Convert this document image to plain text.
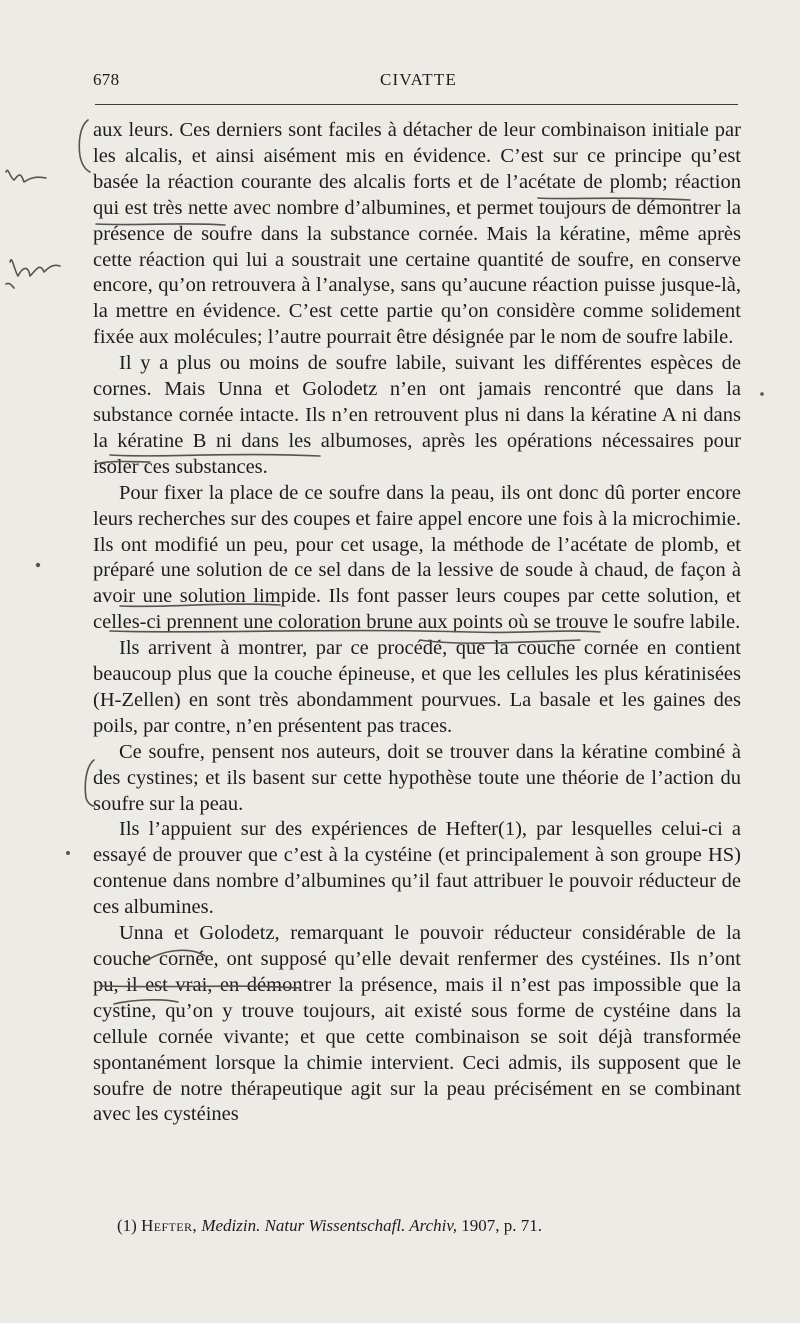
678	CIVATTE

aux leurs. Ces derniers sont faciles à détacher de leur combinaison initiale par les alcalis, et ainsi aisément mis en évidence. C’est sur ce principe qu’est basée la réaction courante des alcalis forts et de l’acétate de plomb; réaction qui est très nette avec nombre d’albumines, et permet toujours de démontrer la présence de soufre dans la substance cornée. Mais la kératine, même après cette réaction qui lui a soustrait une certaine quantité de soufre, en conserve encore, qu’on retrouvera à l’analyse, sans qu’aucune réaction puisse jusque-là, la mettre en évidence. C’est cette partie qu’on considère comme solidement fixée aux molécules; l’autre pourrait être désignée par le nom de soufre labile.

Il y a plus ou moins de soufre labile, suivant les différentes espèces de cornes. Mais Unna et Golodetz n’en ont jamais rencontré que dans la substance cornée intacte. Ils n’en retrouvent plus ni dans la kératine A ni dans la kératine B ni dans les albumoses, après les opérations nécessaires pour isoler ces substances.

Pour fixer la place de ce soufre dans la peau, ils ont donc dû porter encore leurs recherches sur des coupes et faire appel encore une fois à la microchimie. Ils ont modifié un peu, pour cet usage, la méthode de l’acétate de plomb, et préparé une solution de ce sel dans de la lessive de soude à chaud, de façon à avoir une solution limpide. Ils font passer leurs coupes par cette solution, et celles-ci prennent une coloration brune aux points où se trouve le soufre labile.

Ils arrivent à montrer, par ce procédé, que la couche cornée en contient beaucoup plus que la couche épineuse, et que les cellules les plus kératinisées (H-Zellen) en sont très abondamment pourvues. La basale et les gaines des poils, par contre, n’en présentent pas traces.

Ce soufre, pensent nos auteurs, doit se trouver dans la kératine combiné à des cystines; et ils basent sur cette hypothèse toute une théorie de l’action du soufre sur la peau.

Ils l’appuient sur des expériences de Hefter(1), par lesquelles celui-ci a essayé de prouver que c’est à la cystéine (et principalement à son groupe HS) contenue dans nombre d’albumines qu’il faut attribuer le pouvoir réducteur de ces albumines.

Unna et Golodetz, remarquant le pouvoir réducteur considérable de la couche cornée, ont supposé qu’elle devait renfermer des cystéines. Ils n’ont pu, il est vrai, en démontrer la présence, mais il n’est pas impossible que la cystine, qu’on y trouve toujours, ait existé sous forme de cystéine dans la cellule cornée vivante; et que cette combinaison se soit déjà transformée spontanément lorsque la chimie intervient. Ceci admis, ils supposent que le soufre de notre thérapeutique agit sur la peau précisément en se combinant avec les cystéines

(1) Hefter, Medizin. Natur Wissentschafl. Archiv, 1907, p. 71.
